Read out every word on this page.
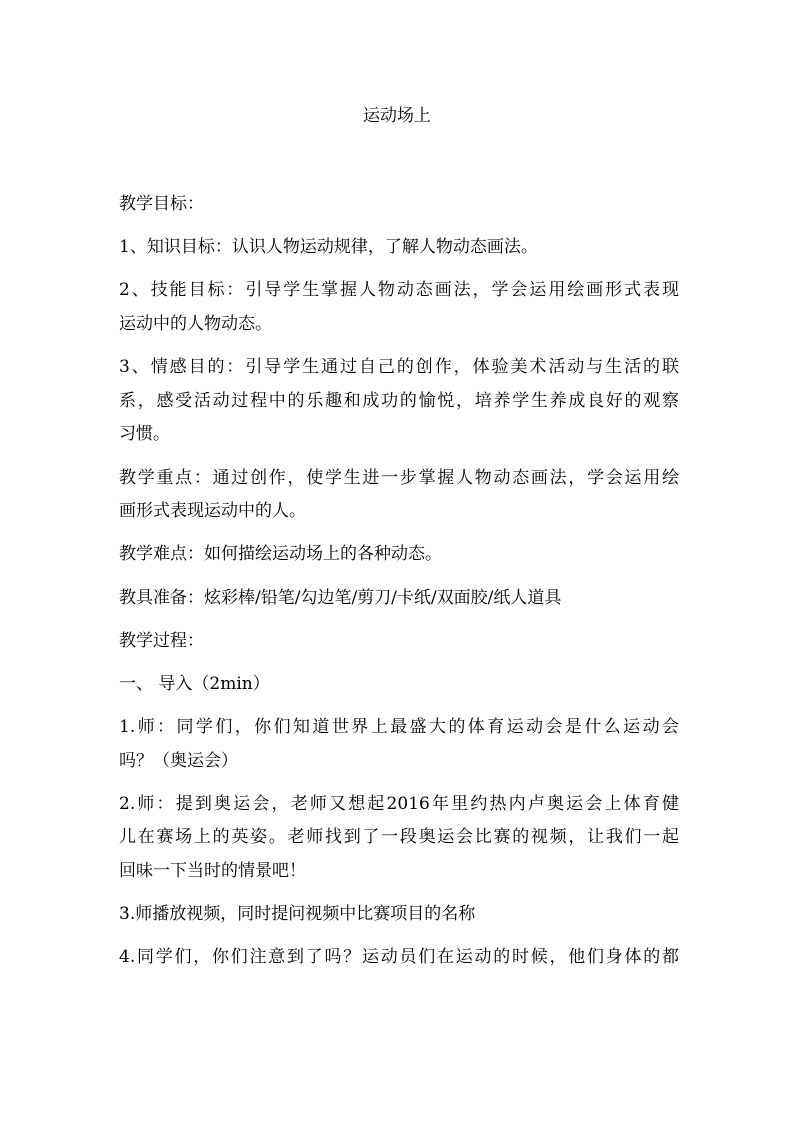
运动场上
教学目标：
1、知识目标：认识人物运动规律，了解人物动态画法。
2、技能目标：引导学生掌握人物动态画法，学会运用绘画形式表现
运动中的人物动态。
3、情感目的：引导学生通过自己的创作，体验美术活动与生活的联
系，感受活动过程中的乐趣和成功的愉悦，培养学生养成良好的观察
习惯。
教学重点：通过创作，使学生进一步掌握人物动态画法，学会运用绘
画形式表现运动中的人。
教学难点：如何描绘运动场上的各种动态。
教具准备：炫彩棒/铅笔/勾边笔/剪刀/卡纸/双面胶/纸人道具
教学过程：
一、 导入（2min）
1.师：同学们，你们知道世界上最盛大的体育运动会是什么运动会
吗？（奥运会）
2.师：提到奥运会，老师又想起2016年里约热内卢奥运会上体育健
儿在赛场上的英姿。老师找到了一段奥运会比赛的视频，让我们一起
回味一下当时的情景吧！
3.师播放视频，同时提问视频中比赛项目的名称
4.同学们，你们注意到了吗？运动员们在运动的时候，他们身体的都
